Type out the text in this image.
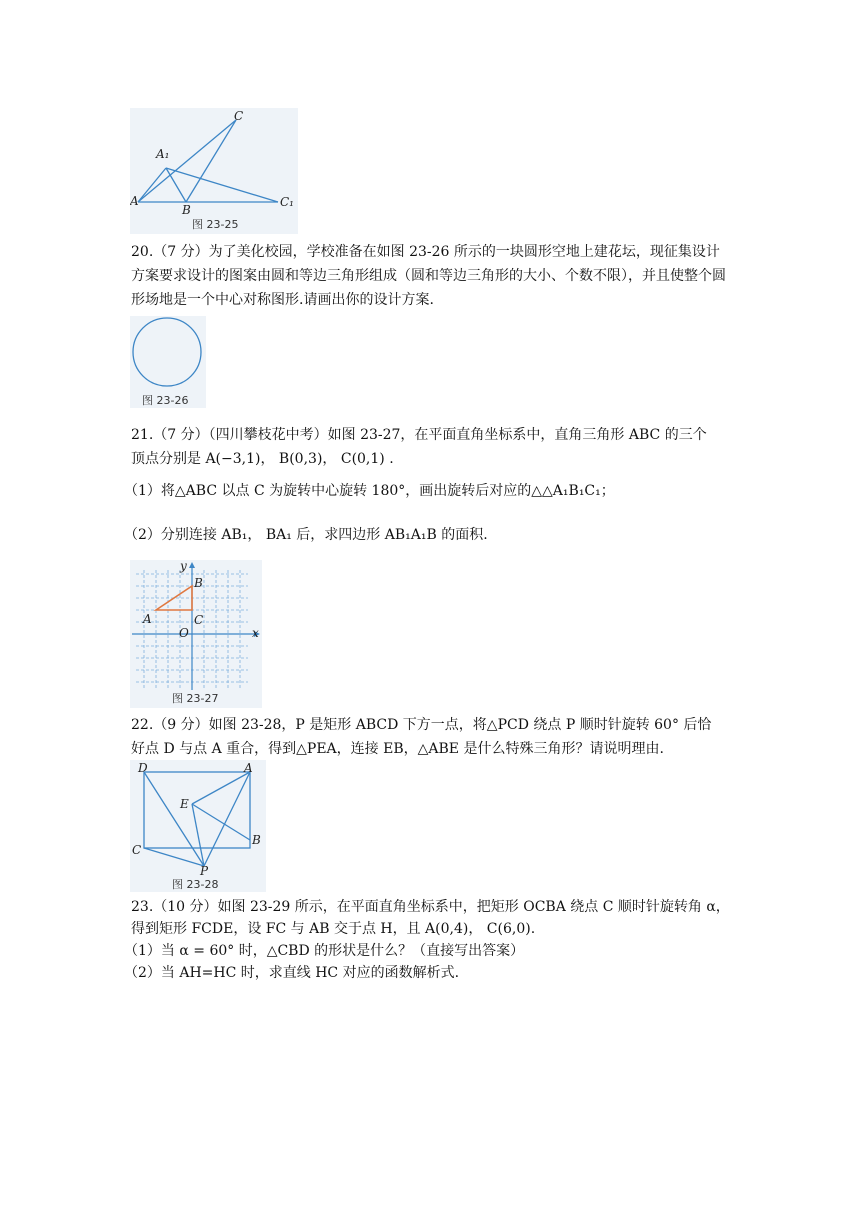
C
A₁
A
B
C₁
图 23-25
20.（7 分）为了美化校园，学校准备在如图 23-26 所示的一块圆形空地上建花坛，现征集设计方案要求设计的图案由圆和等边三角形组成（圆和等边三角形的大小、个数不限），并且使整个圆形场地是一个中心对称图形.请画出你的设计方案.
图 23-26
21.（7 分）（四川攀枝花中考）如图 23-27，在平面直角坐标系中，直角三角形 ABC 的三个
顶点分别是 A(−3,1)， B(0,3)， C(0,1) .
（1）将△ABC 以点 C 为旋转中心旋转 180°，画出旋转后对应的△△A₁B₁C₁；
（2）分别连接 AB₁， BA₁ 后，求四边形 AB₁A₁B 的面积.
y
B
A	C
O	x
图 23-27
22.（9 分）如图 23-28，P 是矩形 ABCD 下方一点，将△PCD 绕点 P 顺时针旋转 60° 后恰
好点 D 与点 A 重合，得到△PEA，连接 EB，△ABE 是什么特殊三角形？请说明理由.
D	A
E
C
B
P
图 23-28
23.（10 分）如图 23-29 所示，在平面直角坐标系中，把矩形 OCBA 绕点 C 顺时针旋转角 α，
得到矩形 FCDE，设 FC 与 AB 交于点 H，且 A(0,4)， C(6,0).
（1）当 α = 60° 时，△CBD 的形状是什么？（直接写出答案）
（2）当 AH=HC 时，求直线 HC 对应的函数解析式.
